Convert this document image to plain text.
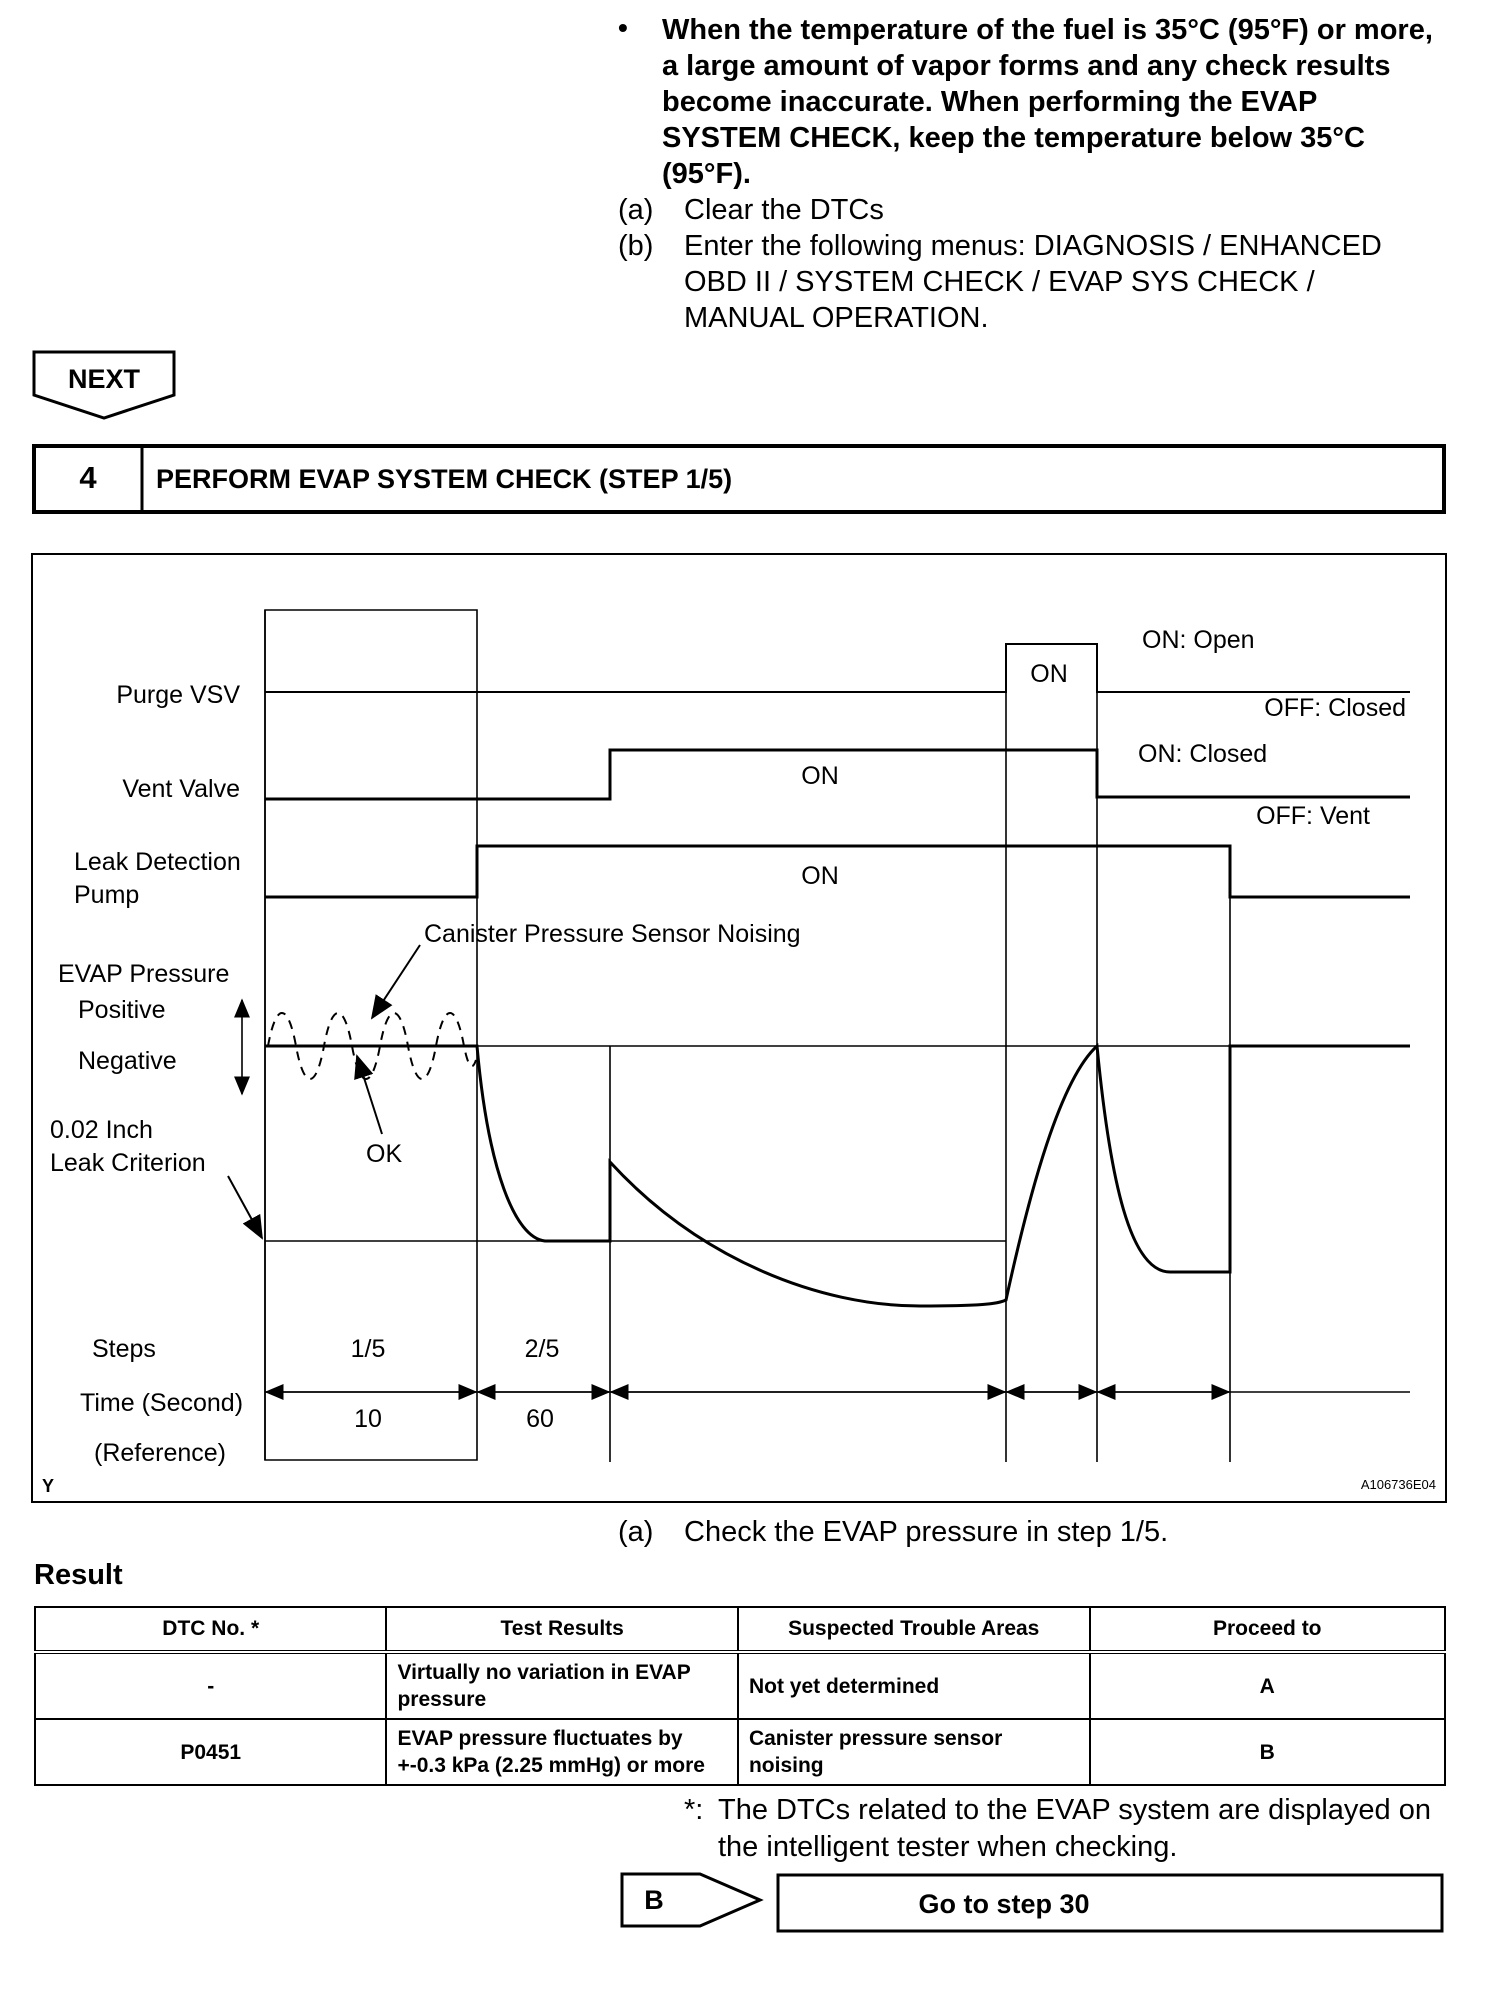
• When the temperature of the fuel is 35°C (95°F) or more, a large amount of vapor forms and any check results become inaccurate. When performing the EVAP SYSTEM CHECK, keep the temperature below 35°C (95°F).
(a) Clear the DTCs
(b) Enter the following menus: DIAGNOSIS / ENHANCED OBD II / SYSTEM CHECK / EVAP SYS CHECK / MANUAL OPERATION.
NEXT
4 PERFORM EVAP SYSTEM CHECK (STEP 1/5)
ON
ON
ON
Purge VSV
Vent Valve
Leak Detection
Pump
EVAP Pressure
Positive
Negative
0.02 Inch
Leak Criterion
Steps
Time (Second)
(Reference)
ON: Open
OFF: Closed
ON: Closed
OFF: Vent
Canister Pressure Sensor Noising
OK
1/5	2/5
10	60
Y	A106736E04
B	Go to step 30
(a) Check the EVAP pressure in step 1/5.
Result
DTC No. *	Test Results	Suspected Trouble Areas	Proceed to
-	Virtually no variation in EVAP pressure	Not yet determined	A
P0451	EVAP pressure fluctuates by +-0.3 kPa (2.25 mmHg) or more	Canister pressure sensor noising	B
*: The DTCs related to the EVAP system are displayed on the intelligent tester when checking.
